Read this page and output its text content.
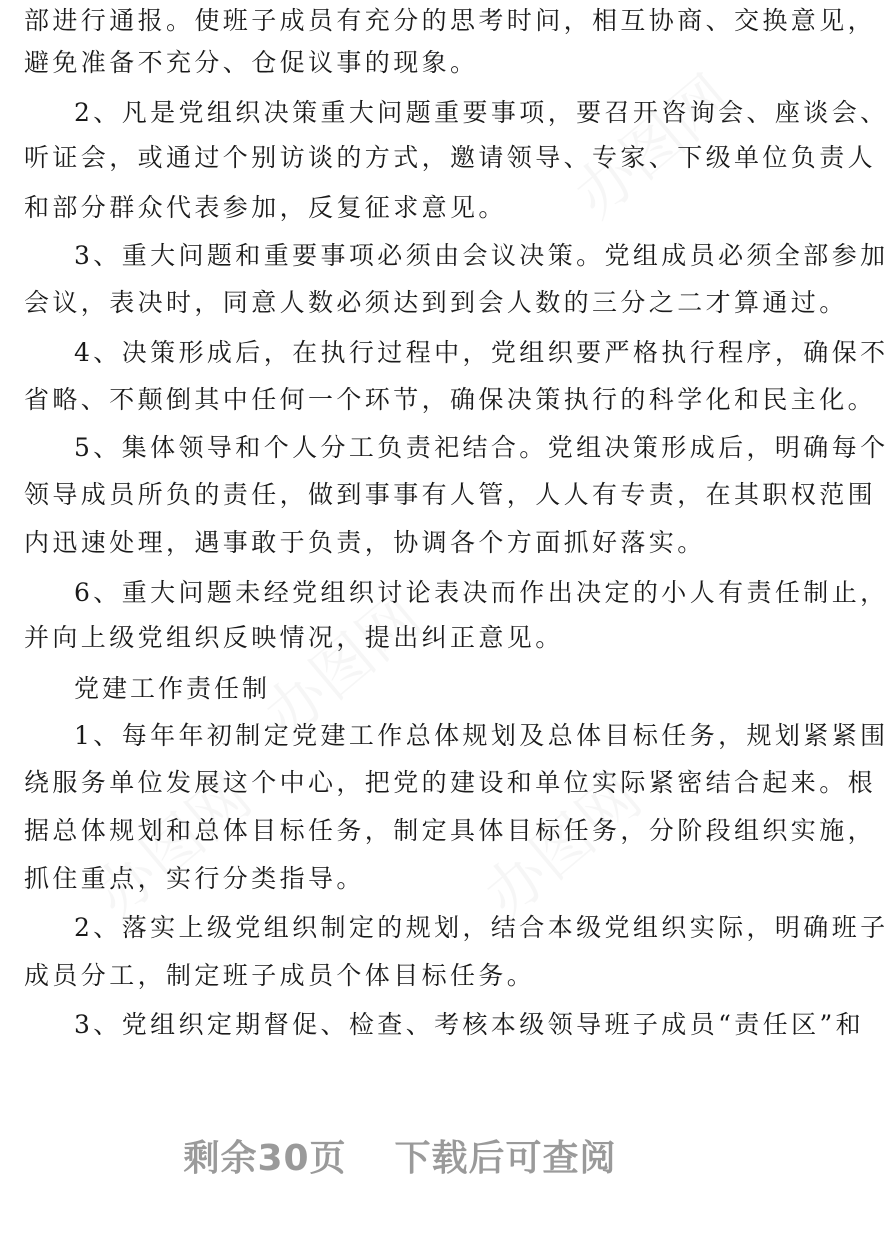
部进行通报。使班子成员有充分的思考时问，相互协商、交换意见，
避免准备不充分、仓促议事的现象。
2、凡是党组织决策重大问题重要事项，要召开咨询会、座谈会、
听证会，或通过个别访谈的方式，邀请领导、专家、下级单位负责人
和部分群众代表参加，反复征求意见。
3、重大问题和重要事项必须由会议决策。党组成员必须全部参加
会议，表决时，同意人数必须达到到会人数的三分之二才算通过。
4、决策形成后，在执行过程中，党组织要严格执行程序，确保不
省略、不颠倒其中任何一个环节，确保决策执行的科学化和民主化。
5、集体领导和个人分工负责祀结合。党组决策形成后，明确每个
领导成员所负的责任，做到事事有人管，人人有专责，在其职权范围
内迅速处理，遇事敢于负责，协调各个方面抓好落实。
6、重大问题未经党组织讨论表决而作出决定的小人有责任制止，
并向上级党组织反映情况，提出纠正意见。
党建工作责任制
1、每年年初制定党建工作总体规划及总体目标任务，规划紧紧围
绕服务单位发展这个中心，把党的建设和单位实际紧密结合起来。根
据总体规划和总体目标任务，制定具体目标任务，分阶段组织实施，
抓住重点，实行分类指导。
2、落实上级党组织制定的规划，结合本级党组织实际，明确班子
成员分工，制定班子成员个体目标任务。
3、党组织定期督促、检查、考核本级领导班子成员“责任区”和
剩余30页 下载后可查阅
